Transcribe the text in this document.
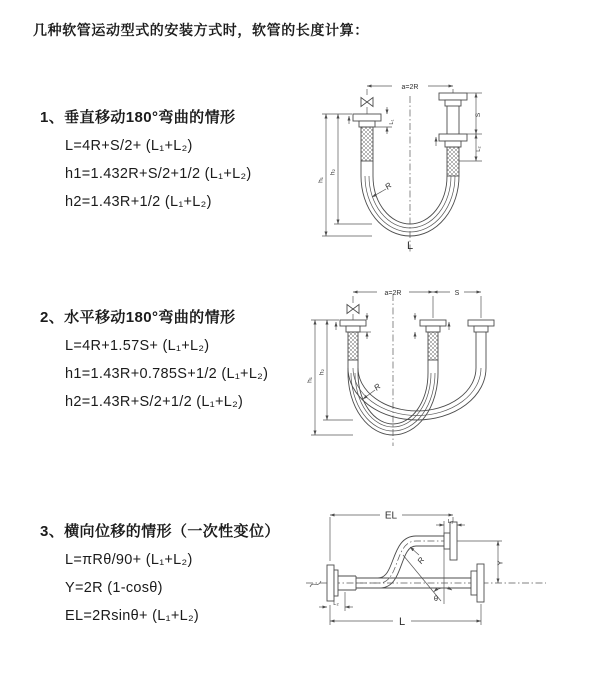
几种软管运动型式的安装方式时，软管的长度计算：
1、垂直移动180°弯曲的情形
L=4R+S/2+ (L₁+L₂)
h1=1.432R+S/2+1/2 (L₁+L₂)
h2=1.43R+1/2 (L₁+L₂)
a=2R
L₁
S
L₂
h₁
h₂
R
L
2、水平移动180°弯曲的情形
L=4R+1.57S+ (L₁+L₂)
h1=1.43R+0.785S+1/2 (L₁+L₂)
h2=1.43R+S/2+1/2 (L₁+L₂)
a=2R	S
h₁
h₂
R
3、横向位移的情形（一次性变位）
L=πRθ/90+ (L₁+L₂)
Y=2R (1-cosθ)
EL=2Rsinθ+ (L₁+L₂)
EL
L₁
Y
L
L₂
R
θ
